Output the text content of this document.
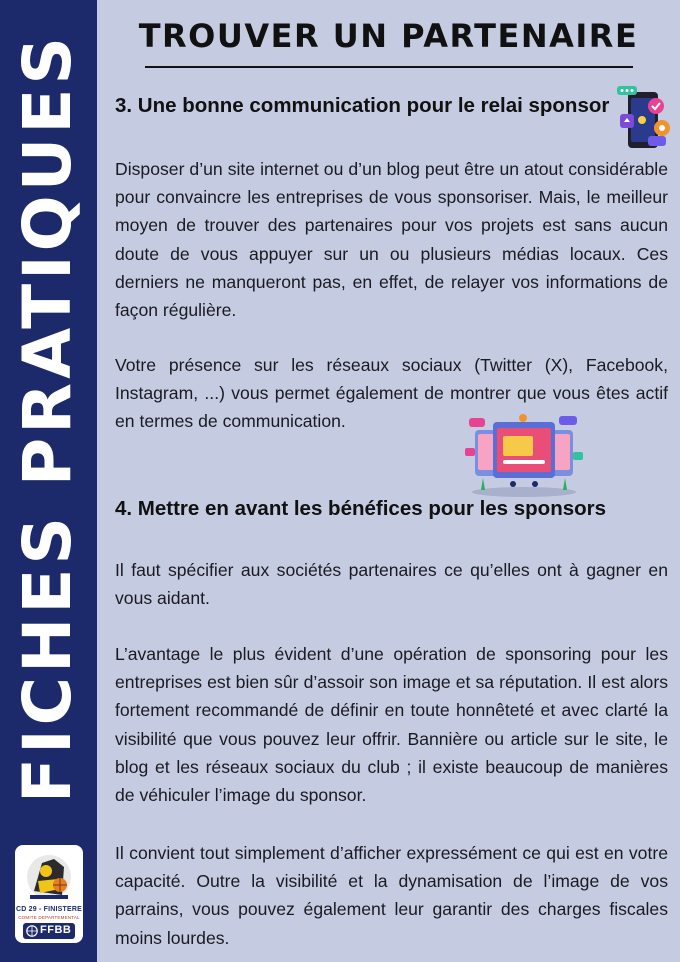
FICHES PRATIQUES
CD 29 - FINISTERE
COMITE DEPARTEMENTAL
FFBB
TROUVER UN PARTENAIRE
3. Une bonne communication pour le relai sponsor
Disposer d’un site internet ou d’un blog peut être un atout considérable pour convaincre les entreprises de vous sponsoriser. Mais, le meilleur moyen de trouver des partenaires pour vos projets est sans aucun doute de vous appuyer sur un ou plusieurs médias locaux. Ces derniers ne manqueront pas, en effet, de relayer vos informations de façon régulière.
Votre présence sur les réseaux sociaux (Twitter (X), Facebook, Instagram, ...) vous permet également de montrer que vous êtes actif en termes de communication.
4. Mettre en avant les bénéfices pour les sponsors
Il faut spécifier aux sociétés partenaires ce qu’elles ont à gagner en vous aidant.
L’avantage le plus évident d’une opération de sponsoring pour les entreprises est bien sûr d’assoir son image et sa réputation. Il est alors fortement recommandé de définir en toute honnêteté et avec clarté la visibilité que vous pouvez leur offrir. Bannière ou article sur le site, le blog et les réseaux sociaux du club ; il existe beaucoup de manières de véhiculer l’image du sponsor.
Il convient tout simplement d’afficher expressément ce qui est en votre capacité. Outre la visibilité et la dynamisation de l’image de vos parrains, vous pouvez également leur garantir des charges fiscales moins lourdes.
